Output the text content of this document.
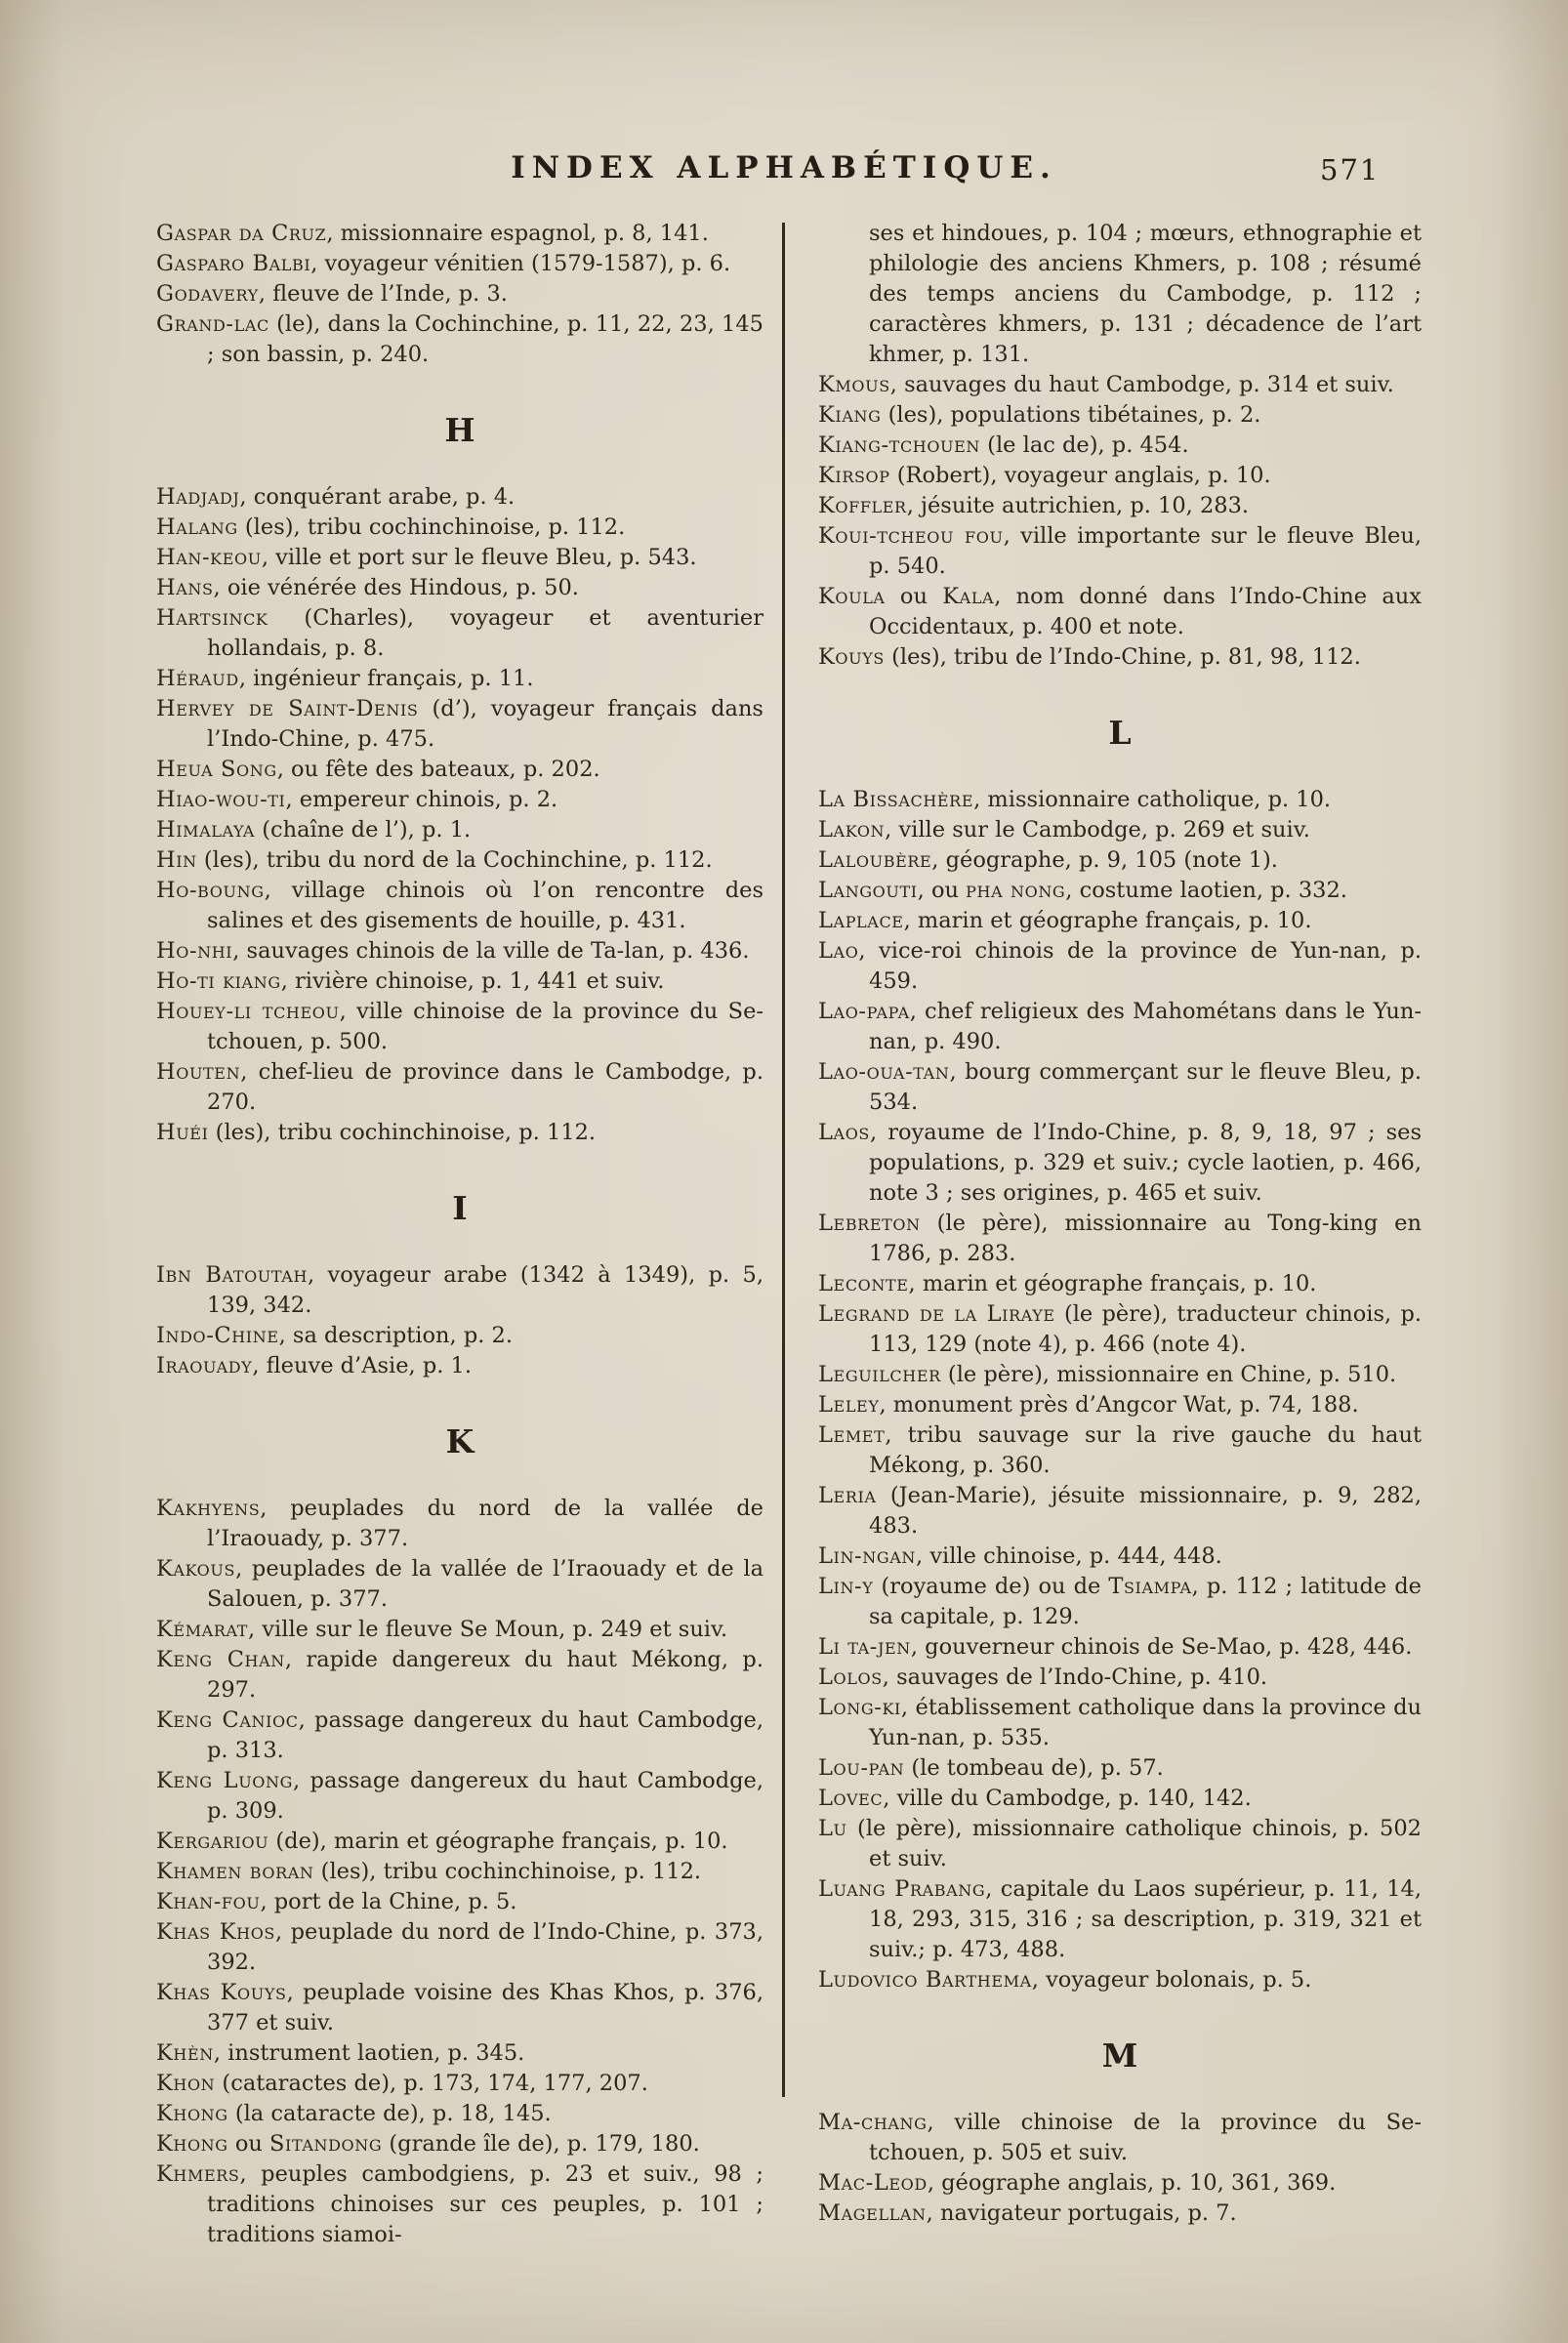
INDEX ALPHABÉTIQUE.	571

Gaspar da Cruz, missionnaire espagnol, p. 8, 141.

Gasparo Balbi, voyageur vénitien (1579-1587), p. 6.

Godavery, fleuve de l’Inde, p. 3.

Grand-lac (le), dans la Cochinchine, p. 11, 22, 23, 145 ; son bassin, p. 240.

H

Hadjadj, conquérant arabe, p. 4.

Halang (les), tribu cochinchinoise, p. 112.

Han-keou, ville et port sur le fleuve Bleu, p. 543.

Hans, oie vénérée des Hindous, p. 50.

Hartsinck (Charles), voyageur et aventurier hollandais, p. 8.

Héraud, ingénieur français, p. 11.

Hervey de Saint-Denis (d’), voyageur français dans l’Indo-Chine, p. 475.

Heua Song, ou fête des bateaux, p. 202.

Hiao-wou-ti, empereur chinois, p. 2.

Himalaya (chaîne de l’), p. 1.

Hin (les), tribu du nord de la Cochinchine, p. 112.

Ho-boung, village chinois où l’on rencontre des salines et des gisements de houille, p. 431.

Ho-nhi, sauvages chinois de la ville de Ta-lan, p. 436.

Ho-ti kiang, rivière chinoise, p. 1, 441 et suiv.

Houey-li tcheou, ville chinoise de la province du Se-tchouen, p. 500.

Houten, chef-lieu de province dans le Cambodge, p. 270.

Huéi (les), tribu cochinchinoise, p. 112.

I

Ibn Batoutah, voyageur arabe (1342 à 1349), p. 5, 139, 342.

Indo-Chine, sa description, p. 2.

Iraouady, fleuve d’Asie, p. 1.

K

Kakhyens, peuplades du nord de la vallée de l’Iraouady, p. 377.

Kakous, peuplades de la vallée de l’Iraouady et de la Salouen, p. 377.

Kémarat, ville sur le fleuve Se Moun, p. 249 et suiv.

Keng Chan, rapide dangereux du haut Mékong, p. 297.

Keng Canioc, passage dangereux du haut Cambodge, p. 313.

Keng Luong, passage dangereux du haut Cambodge, p. 309.

Kergariou (de), marin et géographe français, p. 10.

Khamen boran (les), tribu cochinchinoise, p. 112.

Khan-fou, port de la Chine, p. 5.

Khas Khos, peuplade du nord de l’Indo-Chine, p. 373, 392.

Khas Kouys, peuplade voisine des Khas Khos, p. 376, 377 et suiv.

Khèn, instrument laotien, p. 345.

Khon (cataractes de), p. 173, 174, 177, 207.

Khong (la cataracte de), p. 18, 145.

Khong ou Sitandong (grande île de), p. 179, 180.

Khmers, peuples cambodgiens, p. 23 et suiv., 98 ; traditions chinoises sur ces peuples, p. 101 ; traditions siamoi-

ses et hindoues, p. 104 ; mœurs, ethnographie et philologie des anciens Khmers, p. 108 ; résumé des temps anciens du Cambodge, p. 112 ; caractères khmers, p. 131 ; décadence de l’art khmer, p. 131.

Kmous, sauvages du haut Cambodge, p. 314 et suiv.

Kiang (les), populations tibétaines, p. 2.

Kiang-tchouen (le lac de), p. 454.

Kirsop (Robert), voyageur anglais, p. 10.

Koffler, jésuite autrichien, p. 10, 283.

Koui-tcheou fou, ville importante sur le fleuve Bleu, p. 540.

Koula ou Kala, nom donné dans l’Indo-Chine aux Occidentaux, p. 400 et note.

Kouys (les), tribu de l’Indo-Chine, p. 81, 98, 112.

L

La Bissachère, missionnaire catholique, p. 10.

Lakon, ville sur le Cambodge, p. 269 et suiv.

Laloubère, géographe, p. 9, 105 (note 1).

Langouti, ou pha nong, costume laotien, p. 332.

Laplace, marin et géographe français, p. 10.

Lao, vice-roi chinois de la province de Yun-nan, p. 459.

Lao-papa, chef religieux des Mahométans dans le Yun-nan, p. 490.

Lao-oua-tan, bourg commerçant sur le fleuve Bleu, p. 534.

Laos, royaume de l’Indo-Chine, p. 8, 9, 18, 97 ; ses populations, p. 329 et suiv.; cycle laotien, p. 466, note 3 ; ses origines, p. 465 et suiv.

Lebreton (le père), missionnaire au Tong-king en 1786, p. 283.

Leconte, marin et géographe français, p. 10.

Legrand de la Liraye (le père), traducteur chinois, p. 113, 129 (note 4), p. 466 (note 4).

Leguilcher (le père), missionnaire en Chine, p. 510.

Leley, monument près d’Angcor Wat, p. 74, 188.

Lemet, tribu sauvage sur la rive gauche du haut Mékong, p. 360.

Leria (Jean-Marie), jésuite missionnaire, p. 9, 282, 483.

Lin-ngan, ville chinoise, p. 444, 448.

Lin-y (royaume de) ou de Tsiampa, p. 112 ; latitude de sa capitale, p. 129.

Li ta-jen, gouverneur chinois de Se-Mao, p. 428, 446.

Lolos, sauvages de l’Indo-Chine, p. 410.

Long-ki, établissement catholique dans la province du Yun-nan, p. 535.

Lou-pan (le tombeau de), p. 57.

Lovec, ville du Cambodge, p. 140, 142.

Lu (le père), missionnaire catholique chinois, p. 502 et suiv.

Luang Prabang, capitale du Laos supérieur, p. 11, 14, 18, 293, 315, 316 ; sa description, p. 319, 321 et suiv.; p. 473, 488.

Ludovico Barthema, voyageur bolonais, p. 5.

M

Ma-chang, ville chinoise de la province du Se-tchouen, p. 505 et suiv.

Mac-Leod, géographe anglais, p. 10, 361, 369.

Magellan, navigateur portugais, p. 7.
